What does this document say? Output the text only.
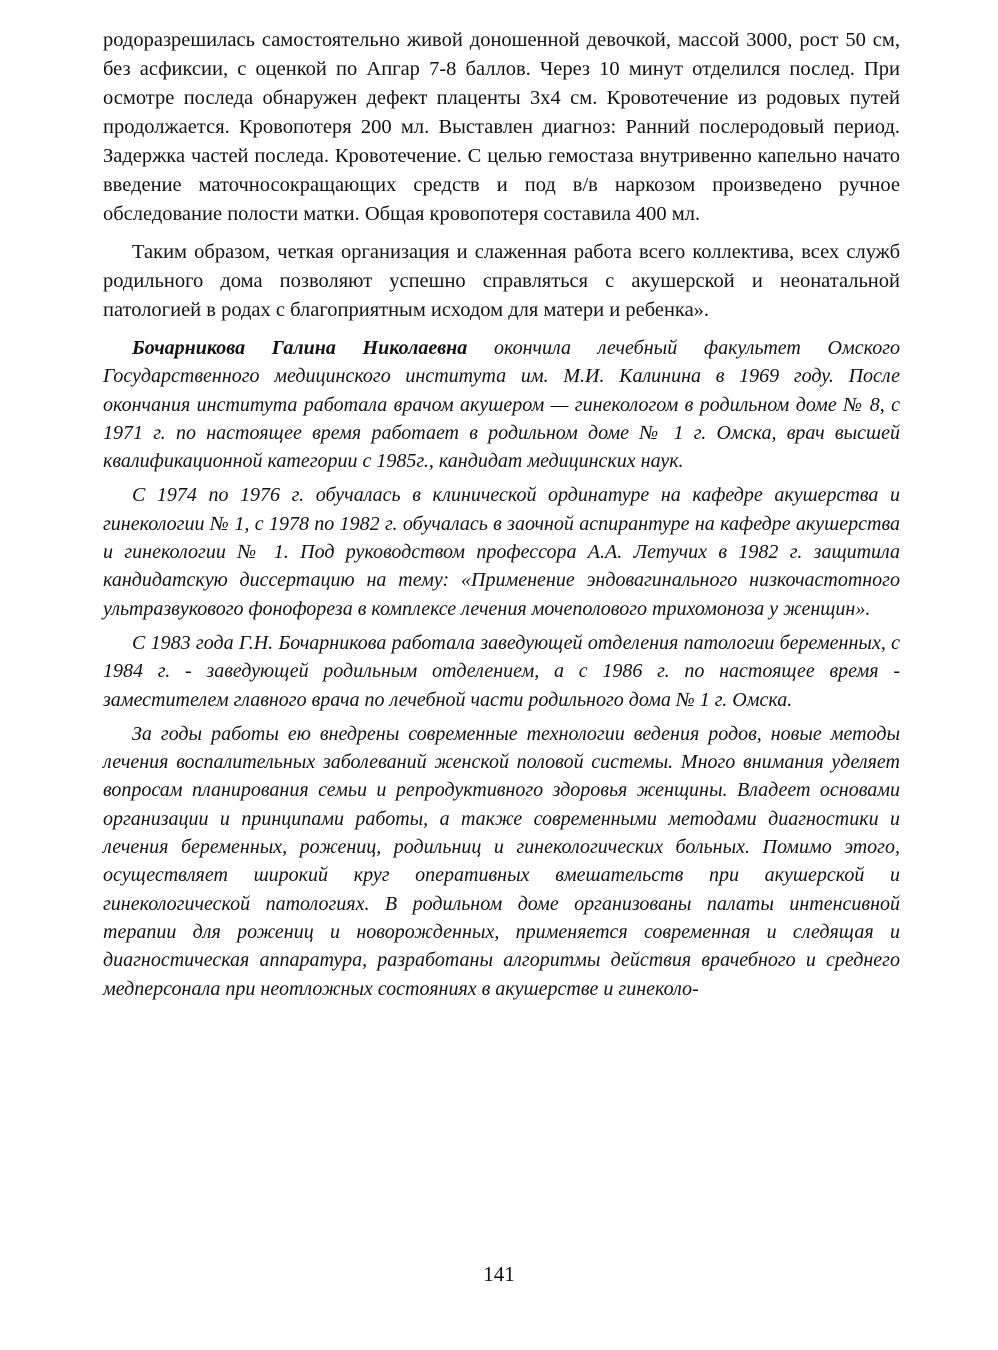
родоразрешилась самостоятельно живой доношенной девочкой, массой 3000, рост 50 см, без асфиксии, с оценкой по Апгар 7-8 баллов. Через 10 минут отделился послед. При осмотре последа обнаружен дефект плаценты 3х4 см. Кровотечение из родовых путей продолжается. Кровопотеря 200 мл. Выставлен диагноз: Ранний послеродовый период. Задержка частей последа. Кровотечение. С целью гемостаза внутривенно капельно начато введение маточносокращающих средств и под в/в наркозом произведено ручное обследование полости матки. Общая кровопотеря составила 400 мл.

Таким образом, четкая организация и слаженная работа всего коллектива, всех служб родильного дома позволяют успешно справляться с акушерской и неонатальной патологией в родах с благоприятным исходом для матери и ребенка».

Бочарникова Галина Николаевна окончила лечебный факультет Омского Государственного медицинского института им. М.И. Калинина в 1969 году. После окончания института работала врачом акушером — гинекологом в родильном доме № 8, с 1971 г. по настоящее время работает в родильном доме № 1 г. Омска, врач высшей квалификационной категории с 1985г., кандидат медицинских наук.

С 1974 по 1976 г. обучалась в клинической ординатуре на кафедре акушерства и гинекологии № 1, с 1978 по 1982 г. обучалась в заочной аспирантуре на кафедре акушерства и гинекологии № 1. Под руководством профессора А.А. Летучих в 1982 г. защитила кандидатскую диссертацию на тему: «Применение эндовагинального низкочастотного ультразвукового фонофореза в комплексе лечения мочеполового трихомоноза у женщин».

С 1983 года Г.Н. Бочарникова работала заведующей отделения патологии беременных, с 1984 г. - заведующей родильным отделением, а с 1986 г. по настоящее время - заместителем главного врача по лечебной части родильного дома № 1 г. Омска.

За годы работы ею внедрены современные технологии ведения родов, новые методы лечения воспалительных заболеваний женской половой системы. Много внимания уделяет вопросам планирования семьи и репродуктивного здоровья женщины. Владеет основами организации и принципами работы, а также современными методами диагностики и лечения беременных, рожениц, родильниц и гинекологических больных. Помимо этого, осуществляет широкий круг оперативных вмешательств при акушерской и гинекологической патологиях. В родильном доме организованы палаты интенсивной терапии для рожениц и новорожденных, применяется современная и следящая и диагностическая аппаратура, разработаны алгоритмы действия врачебного и среднего медперсонала при неотложных состояниях в акушерстве и гинеколо-

141
